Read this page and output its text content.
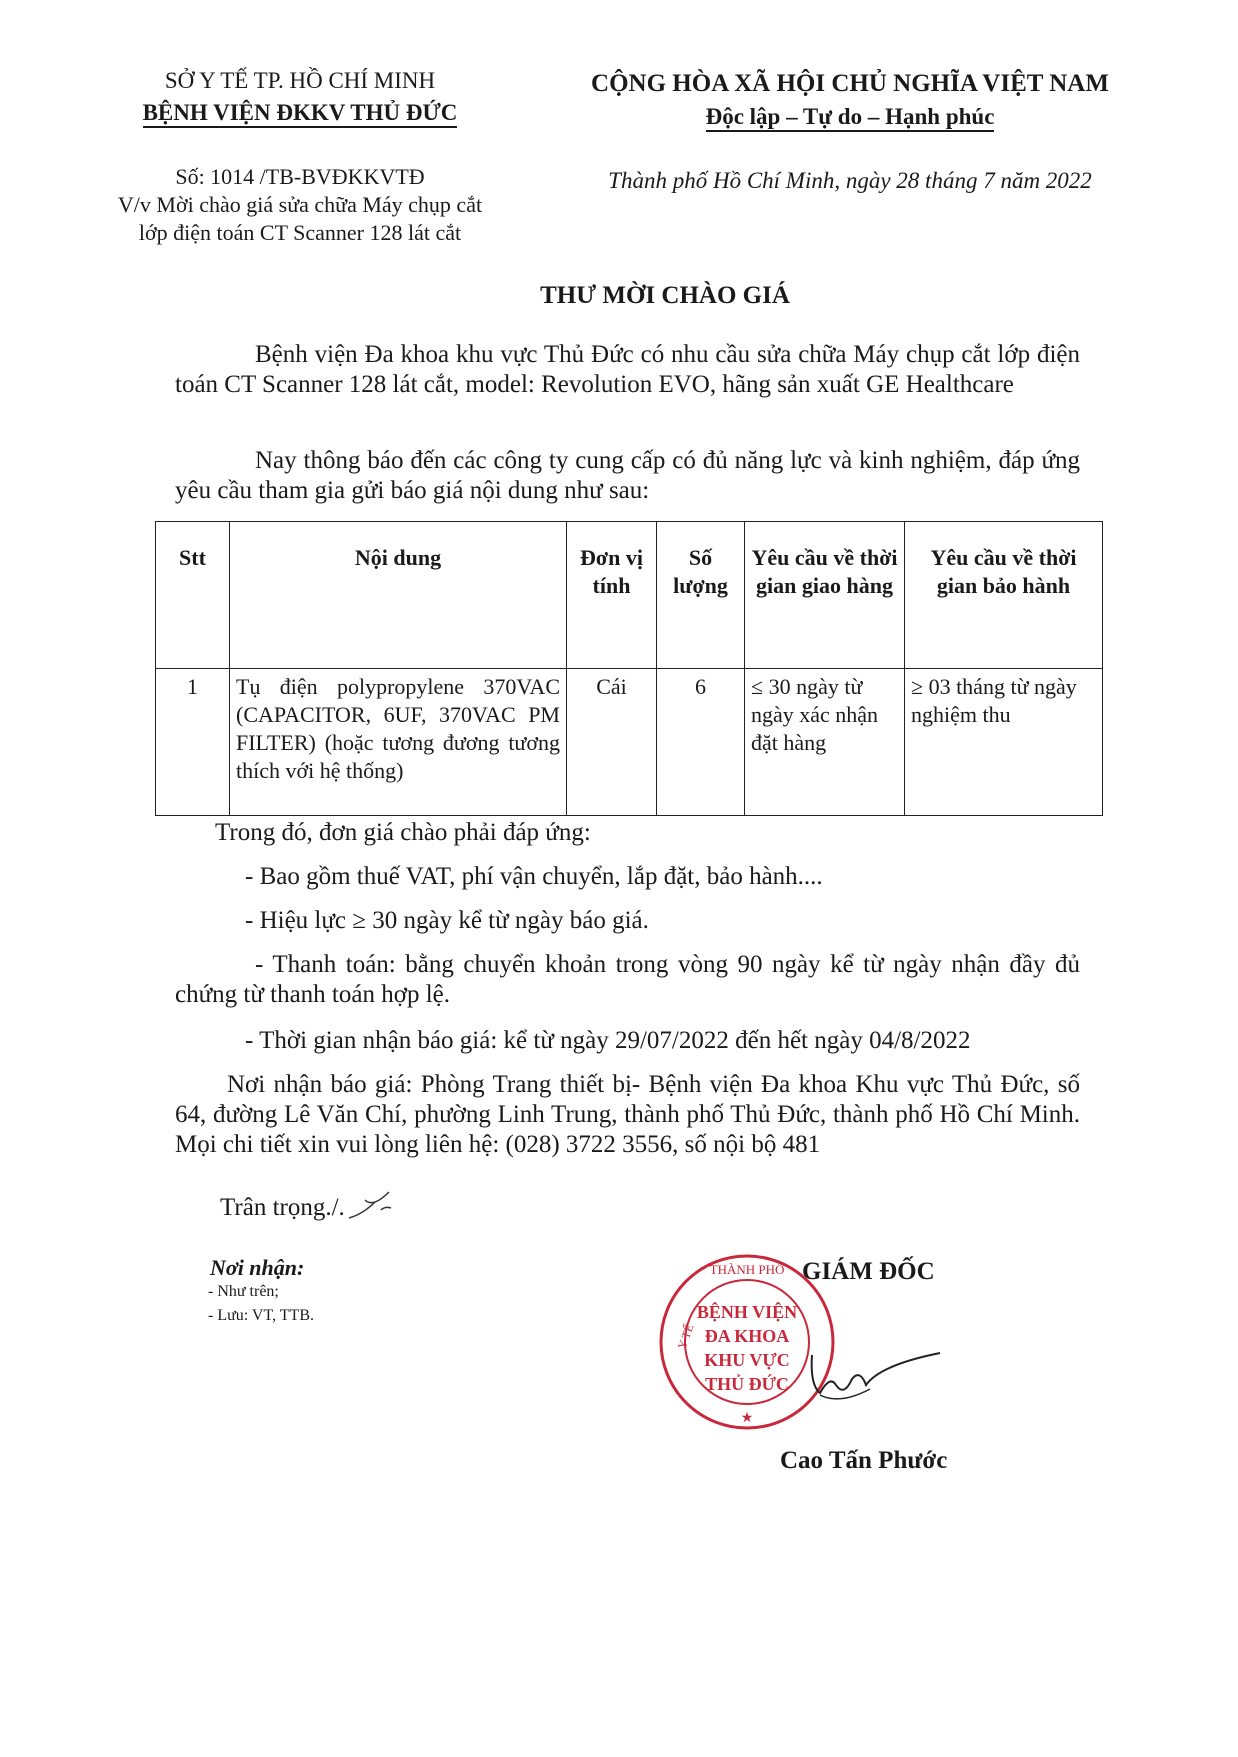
SỞ Y TẾ TP. HỒ CHÍ MINH
BỆNH VIỆN ĐKKV THỦ ĐỨC
Số: 1014 /TB-BVĐKKVTĐ
V/v Mời chào giá sửa chữa Máy chụp cắt
lớp điện toán CT Scanner 128 lát cắt
CỘNG HÒA XÃ HỘI CHỦ NGHĨA VIỆT NAM
Độc lập – Tự do – Hạnh phúc
Thành phố Hồ Chí Minh, ngày 28 tháng 7 năm 2022
THƯ MỜI CHÀO GIÁ
Bệnh viện Đa khoa khu vực Thủ Đức có nhu cầu sửa chữa Máy chụp cắt lớp điện toán CT Scanner 128 lát cắt, model: Revolution EVO, hãng sản xuất GE Healthcare
Nay thông báo đến các công ty cung cấp có đủ năng lực và kinh nghiệm, đáp ứng yêu cầu tham gia gửi báo giá nội dung như sau:
Stt	Nội dung	Đơn vị tính	Số lượng	Yêu cầu về thời gian giao hàng	Yêu cầu về thời gian bảo hành
1	Tụ điện polypropylene 370VAC (CAPACITOR, 6UF, 370VAC PM FILTER) (hoặc tương đương tương thích với hệ thống)	Cái	6	≤ 30 ngày từ ngày xác nhận đặt hàng	≥ 03 tháng từ ngày nghiệm thu
Trong đó, đơn giá chào phải đáp ứng:
- Bao gồm thuế VAT, phí vận chuyển, lắp đặt, bảo hành....
- Hiệu lực ≥ 30 ngày kể từ ngày báo giá.
- Thanh toán: bằng chuyển khoản trong vòng 90 ngày kể từ ngày nhận đầy đủ chứng từ thanh toán hợp lệ.
- Thời gian nhận báo giá: kể từ ngày 29/07/2022 đến hết ngày 04/8/2022
Nơi nhận báo giá: Phòng Trang thiết bị- Bệnh viện Đa khoa Khu vực Thủ Đức, số 64, đường Lê Văn Chí, phường Linh Trung, thành phố Thủ Đức, thành phố Hồ Chí Minh. Mọi chi tiết xin vui lòng liên hệ: (028) 3722 3556, số nội bộ 481
Trân trọng./.
Nơi nhận:
- Như trên;
- Lưu: VT, TTB.
THÀNH PHỐ
Y TẾ
★
BỆNH VIỆN
ĐA KHOA
KHU VỰC
THỦ ĐỨC
GIÁM ĐỐC
Cao Tấn Phước
